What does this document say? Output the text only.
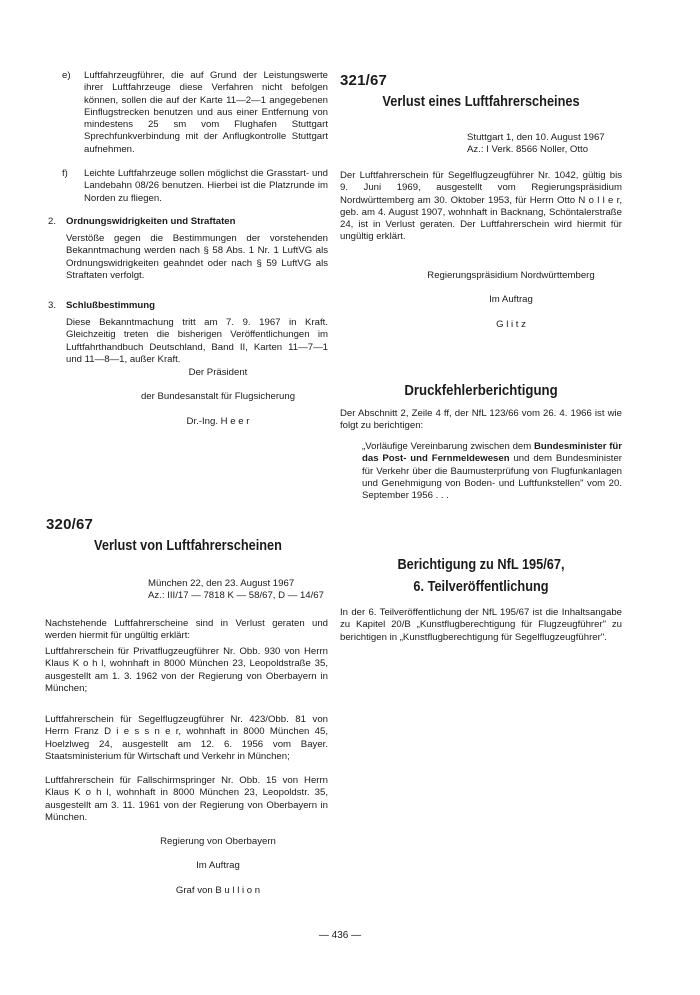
e) Luftfahrzeugführer, die auf Grund der Leistungswerte ihrer Luftfahrzeuge diese Verfahren nicht befolgen können, sollen die auf der Karte 11—2—1 angegebenen Einflugstrecken benutzen und aus einer Entfernung von mindestens 25 sm vom Flughafen Stuttgart Sprechfunkverbindung mit der Anflugkontrolle Stuttgart aufnehmen.

f) Leichte Luftfahrzeuge sollen möglichst die Grasstart- und Landebahn 08/26 benutzen. Hierbei ist die Platzrunde im Norden zu fliegen.

2. Ordnungswidrigkeiten und Straftaten

Verstöße gegen die Bestimmungen der vorstehenden Bekanntmachung werden nach § 58 Abs. 1 Nr. 1 LuftVG als Ordnungswidrigkeiten geahndet oder nach § 59 LuftVG als Straftaten verfolgt.

3. Schlußbestimmung

Diese Bekanntmachung tritt am 7. 9. 1967 in Kraft. Gleichzeitig treten die bisherigen Veröffentlichungen im Luftfahrthandbuch Deutschland, Band II, Karten 11—7—1 und 11—8—1, außer Kraft.

Der Präsident
der Bundesanstalt für Flugsicherung
Dr.-Ing. H e e r
320/67
Verlust von Luftfahrerscheinen
München 22, den 23. August 1967
Az.: III/17 — 7818 K — 58/67, D — 14/67

Nachstehende Luftfahrerscheine sind in Verlust geraten und werden hiermit für ungültig erklärt:

Luftfahrerschein für Privatflugzeugführer Nr. Obb. 930 von Herrn Klaus K o h l, wohnhaft in 8000 München 23, Leopoldstraße 35, ausgestellt am 1. 3. 1962 von der Regierung von Oberbayern in München;

Luftfahrerschein für Segelflugzeugführer Nr. 423/Obb. 81 von Herrn Franz D i e s s n e r, wohnhaft in 8000 München 45, Hoelzlweg 24, ausgestellt am 12. 6. 1956 vom Bayer. Staatsministerium für Wirtschaft und Verkehr in München;

Luftfahrerschein für Fallschirmspringer Nr. Obb. 15 von Herrn Klaus K o h l, wohnhaft in 8000 München 23, Leopoldstr. 35, ausgestellt am 3. 11. 1961 von der Regierung von Oberbayern in München.

Regierung von Oberbayern
Im Auftrag
Graf von B u l l i o n
321/67
Verlust eines Luftfahrerscheines
Stuttgart 1, den 10. August 1967
Az.: I Verk. 8566 Noller, Otto

Der Luftfahrerschein für Segelflugzeugführer Nr. 1042, gültig bis 9. Juni 1969, ausgestellt vom Regierungspräsidium Nordwürttemberg am 30. Oktober 1953, für Herrn Otto N o l l e r, geb. am 4. August 1907, wohnhaft in Backnang, Schöntalerstraße 24, ist in Verlust geraten. Der Luftfahrerschein wird hiermit für ungültig erklärt.

Regierungspräsidium Nordwürttemberg
Im Auftrag
G l i t z
Druckfehlerberichtigung

Der Abschnitt 2, Zeile 4 ff, der NfL 123/66 vom 26. 4. 1966 ist wie folgt zu berichtigen:

„Vorläufige Vereinbarung zwischen dem Bundesminister für das Post- und Fernmeldewesen und dem Bundesminister für Verkehr über die Baumusterprüfung von Flugfunkanlagen und Genehmigung von Boden- und Luftfunkstellen" vom 20. September 1956 . . .

Berichtigung zu NfL 195/67,
6. Teilveröffentlichung

In der 6. Teilveröffentlichung der NfL 195/67 ist die Inhaltsangabe zu Kapitel 20/B „Kunstflugberechtigung für Flugzeugführer" zu berichtigen in „Kunstflugberechtigung für Segelflugzeugführer".

— 436 —
